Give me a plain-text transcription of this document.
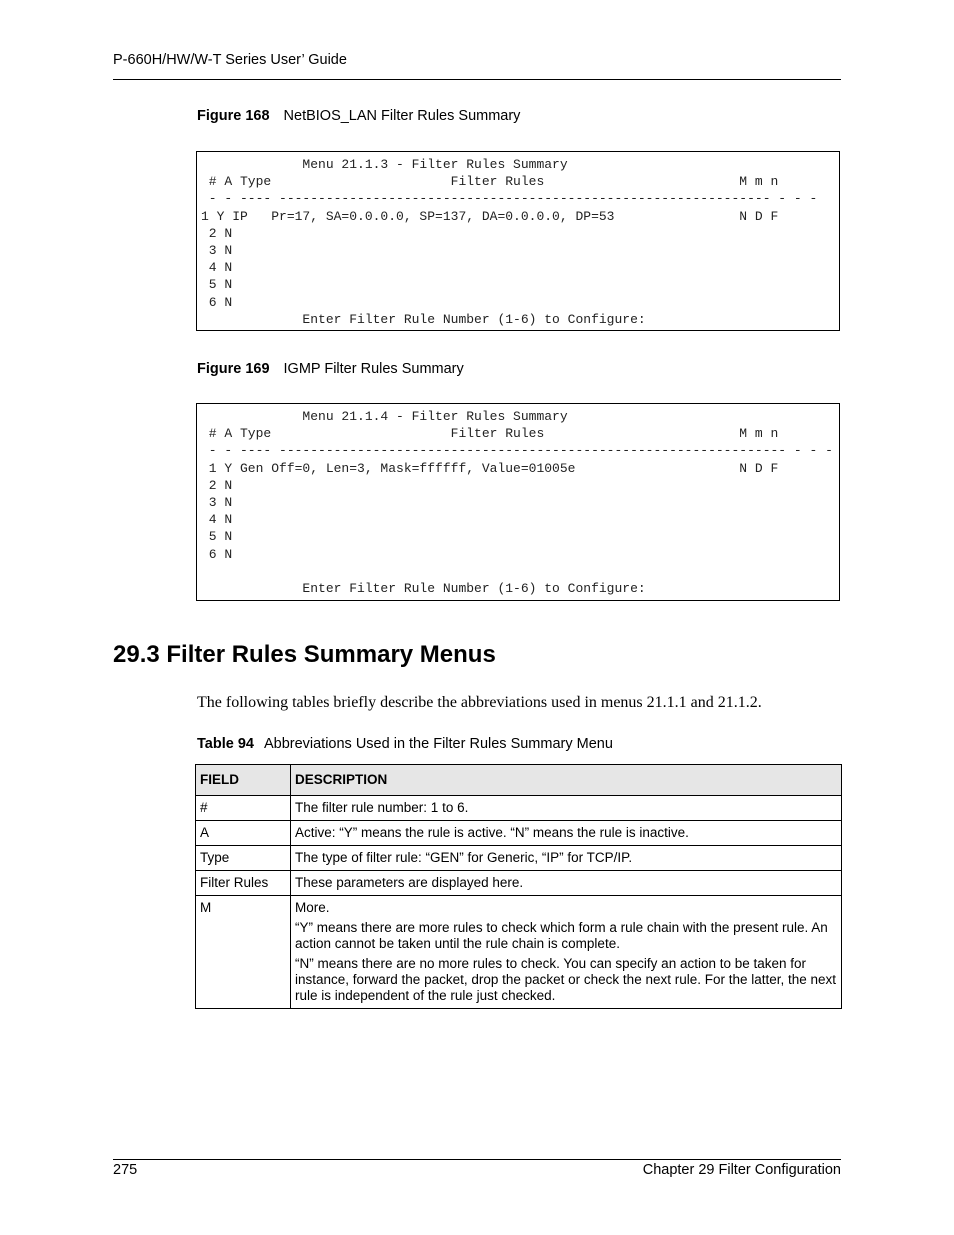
P-660H/HW/W-T Series User’ Guide
Figure 168 NetBIOS_LAN Filter Rules Summary
Menu 21.1.3 - Filter Rules Summary
# A Type                       Filter Rules                         M m n
- - ---- --------------------------------------------------------------- - - -
1 Y IP   Pr=17, SA=0.0.0.0, SP=137, DA=0.0.0.0, DP=53                N D F
2 N
3 N
4 N
5 N
6 N
Enter Filter Rule Number (1-6) to Configure:
Figure 169 IGMP Filter Rules Summary
Menu 21.1.4 - Filter Rules Summary
# A Type                       Filter Rules                         M m n
- - ---- ----------------------------------------------------------------- - - -
1 Y Gen Off=0, Len=3, Mask=ffffff, Value=01005e                     N D F
2 N
3 N
4 N
5 N
6 N

Enter Filter Rule Number (1-6) to Configure:
29.3 Filter Rules Summary Menus

The following tables briefly describe the abbreviations used in menus 21.1.1 and 21.1.2.

Table 94 Abbreviations Used in the Filter Rules Summary Menu
FIELD	DESCRIPTION
#	The filter rule number: 1 to 6.

A	Active: “Y” means the rule is active. “N” means the rule is inactive.

Type	The type of filter rule: “GEN” for Generic, “IP” for TCP/IP.

Filter Rules	These parameters are displayed here.

M	More.

“Y” means there are more rules to check which form a rule chain with the present rule. An action cannot be taken until the rule chain is complete.

“N” means there are no more rules to check. You can specify an action to be taken for instance, forward the packet, drop the packet or check the next rule. For the latter, the next rule is independent of the rule just checked.

275	Chapter 29 Filter Configuration
